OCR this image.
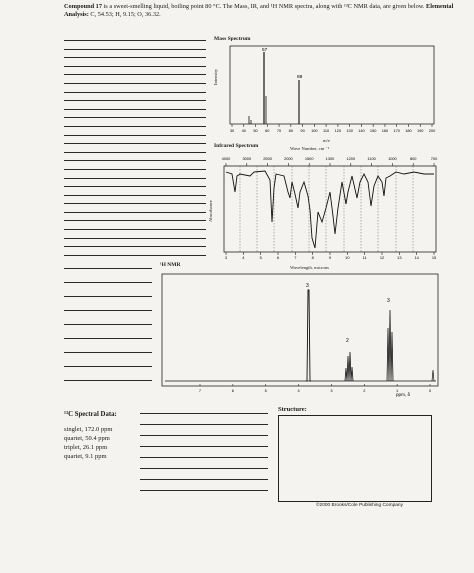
Compound 17 is a sweet-smelling liquid, boiling point 80 °C. The Mass, IR, and ¹H NMR spectra, along with ¹³C NMR data, are given below. Elemental Analysis: C, 54.53; H, 9.15; O, 36.32.
Mass Spectrum
Intensity
57
88
30 40 50 60 70 80 90 100 110 120 130 140 150 160 170 180 190 200
m/e
Infrared Spectrum	Wave Number, cm ⁻¹
Absorbance
4000	3000	2500	2000	1500	1300	1200	1100	1000	800	700
3	4	5	6	7	8	9	10	11	12	13	14	15
Wavelength, microns
¹H NMR
3
2
3
7	6	5	4	3	2	1	0
ppm, δ
¹³C Spectral Data:
singlet, 172.0 ppm
quartet, 50.4 ppm
triplet, 26.1 ppm
quartet, 9.1 ppm
Structure:
©2000 Brooks/Cole Publishing Company
